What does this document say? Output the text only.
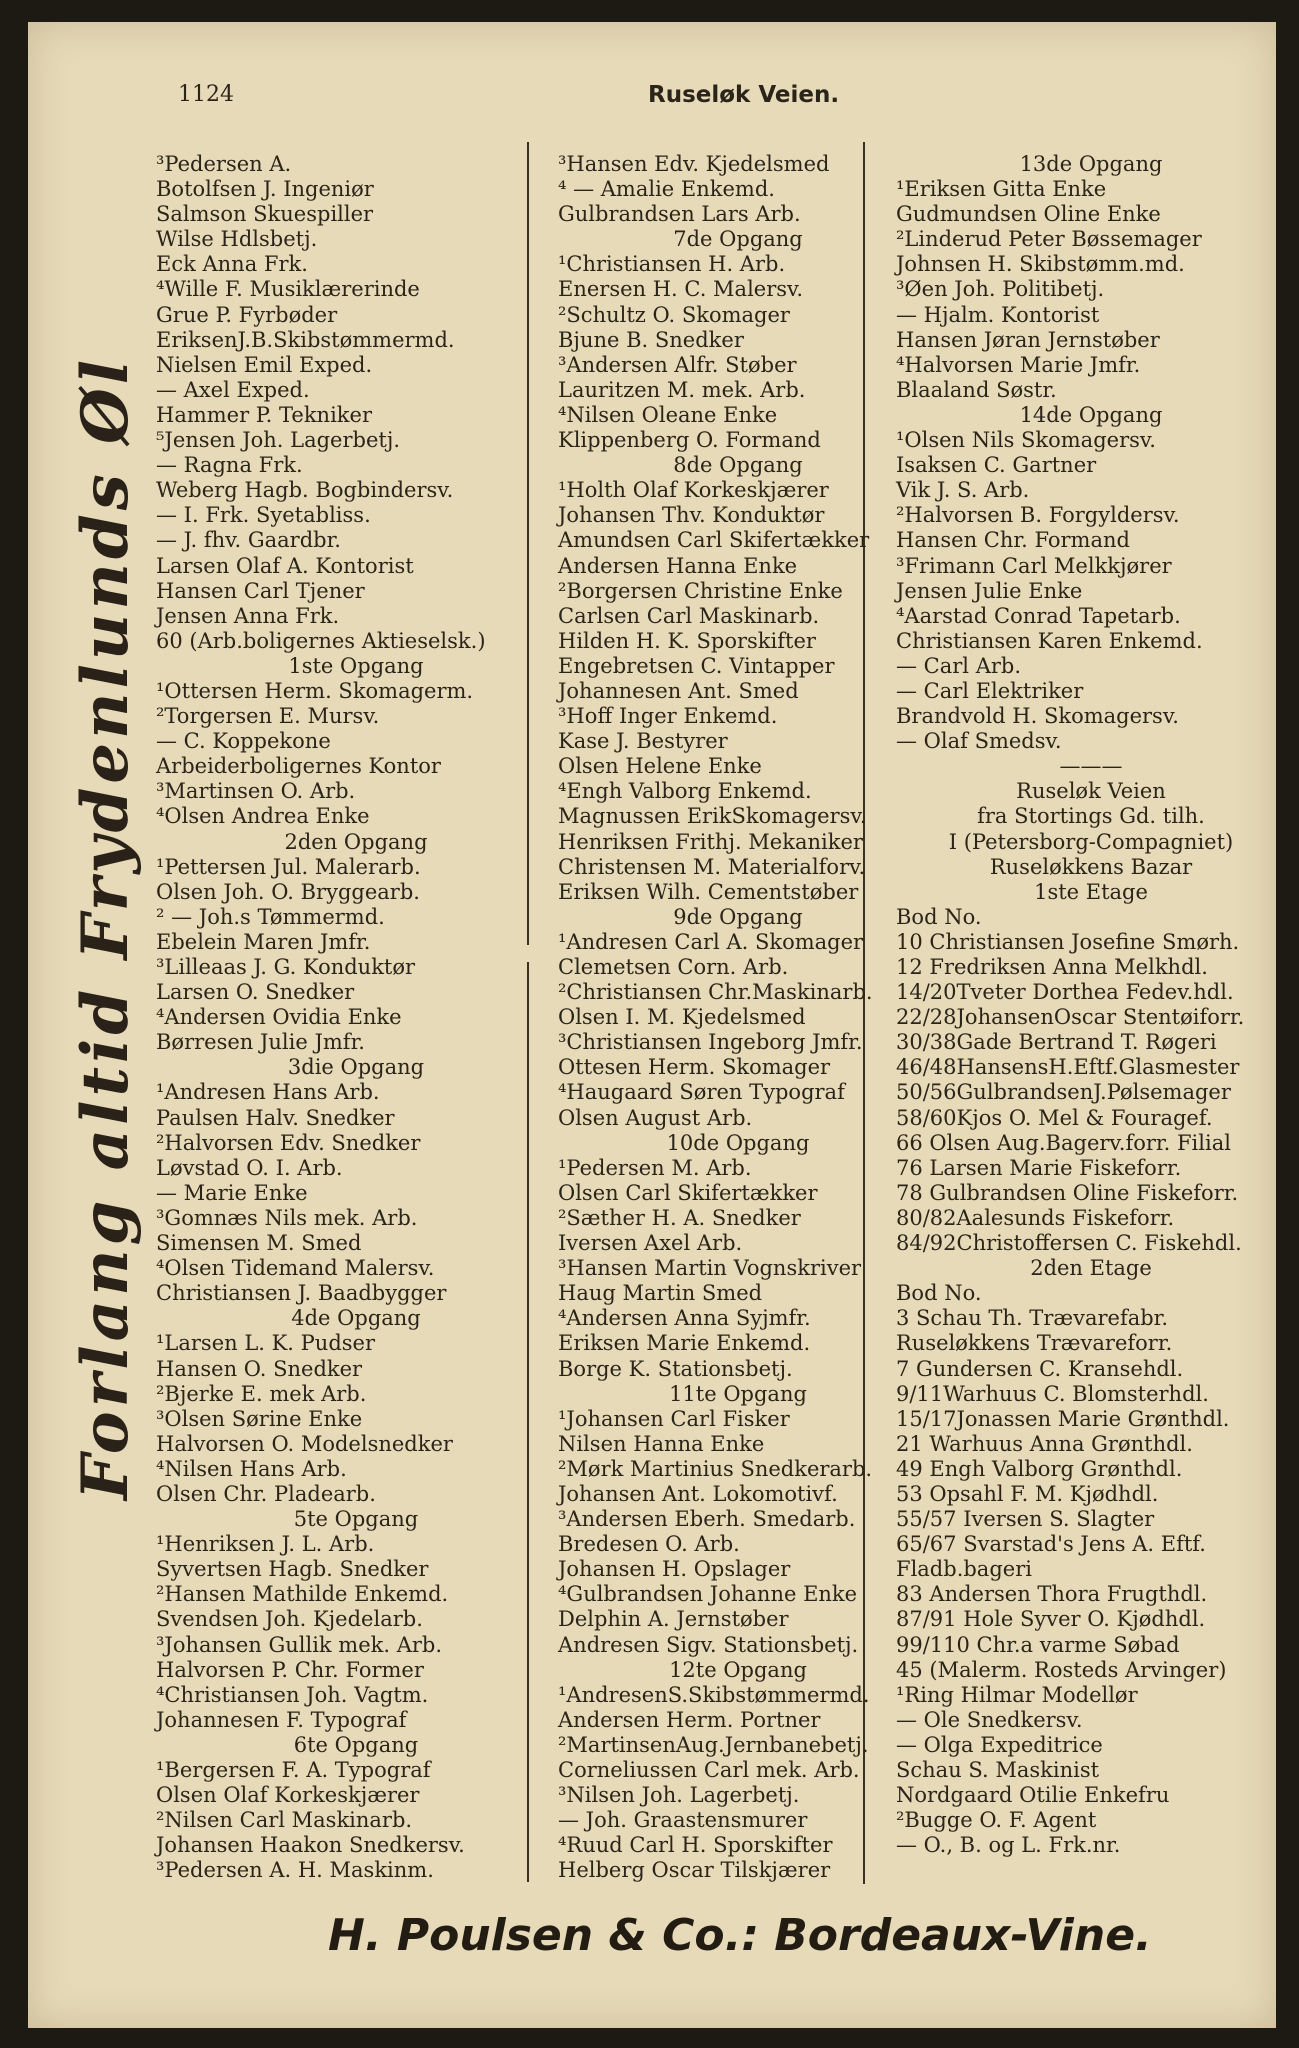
1124	Ruseløk Veien.
Forlang altid Frydenlunds Øl
³Pedersen A.
Botolfsen J. Ingeniør
Salmson Skuespiller
Wilse Hdlsbetj.
Eck Anna Frk.
⁴Wille F. Musiklærerinde
Grue P. Fyrbøder
EriksenJ.B.Skibstømmermd.
Nielsen Emil Exped.
— Axel Exped.
Hammer P. Tekniker
⁵Jensen Joh. Lagerbetj.
— Ragna Frk.
Weberg Hagb. Bogbindersv.
— I. Frk. Syetabliss.
— J. fhv. Gaardbr.
Larsen Olaf A. Kontorist
Hansen Carl Tjener
Jensen Anna Frk.
60 (Arb.boligernes Aktieselsk.)
1ste Opgang
¹Ottersen Herm. Skomagerm.
²Torgersen E. Mursv.
— C. Koppekone
Arbeiderboligernes Kontor
³Martinsen O. Arb.
⁴Olsen Andrea Enke
2den Opgang
¹Pettersen Jul. Malerarb.
Olsen Joh. O. Bryggearb.
² — Joh.s Tømmermd.
Ebelein Maren Jmfr.
³Lilleaas J. G. Konduktør
Larsen O. Snedker
⁴Andersen Ovidia Enke
Børresen Julie Jmfr.
3die Opgang
¹Andresen Hans Arb.
Paulsen Halv. Snedker
²Halvorsen Edv. Snedker
Løvstad O. I. Arb.
— Marie Enke
³Gomnæs Nils mek. Arb.
Simensen M. Smed
⁴Olsen Tidemand Malersv.
Christiansen J. Baadbygger
4de Opgang
¹Larsen L. K. Pudser
Hansen O. Snedker
²Bjerke E. mek Arb.
³Olsen Sørine Enke
Halvorsen O. Modelsnedker
⁴Nilsen Hans Arb.
Olsen Chr. Pladearb.
5te Opgang
¹Henriksen J. L. Arb.
Syvertsen Hagb. Snedker
²Hansen Mathilde Enkemd.
Svendsen Joh. Kjedelarb.
³Johansen Gullik mek. Arb.
Halvorsen P. Chr. Former
⁴Christiansen Joh. Vagtm.
Johannesen F. Typograf
6te Opgang
¹Bergersen F. A. Typograf
Olsen Olaf Korkeskjærer
²Nilsen Carl Maskinarb.
Johansen Haakon Snedkersv.
³Pedersen A. H. Maskinm.
³Hansen Edv. Kjedelsmed
⁴ — Amalie Enkemd.
Gulbrandsen Lars Arb.
7de Opgang
¹Christiansen H. Arb.
Enersen H. C. Malersv.
²Schultz O. Skomager
Bjune B. Snedker
³Andersen Alfr. Støber
Lauritzen M. mek. Arb.
⁴Nilsen Oleane Enke
Klippenberg O. Formand
8de Opgang
¹Holth Olaf Korkeskjærer
Johansen Thv. Konduktør
Amundsen Carl Skifertækker
Andersen Hanna Enke
²Borgersen Christine Enke
Carlsen Carl Maskinarb.
Hilden H. K. Sporskifter
Engebretsen C. Vintapper
Johannesen Ant. Smed
³Hoff Inger Enkemd.
Kase J. Bestyrer
Olsen Helene Enke
⁴Engh Valborg Enkemd.
Magnussen ErikSkomagersv.
Henriksen Frithj. Mekaniker
Christensen M. Materialforv.
Eriksen Wilh. Cementstøber
9de Opgang
¹Andresen Carl A. Skomager
Clemetsen Corn. Arb.
²Christiansen Chr.Maskinarb.
Olsen I. M. Kjedelsmed
³Christiansen Ingeborg Jmfr.
Ottesen Herm. Skomager
⁴Haugaard Søren Typograf
Olsen August Arb.
10de Opgang
¹Pedersen M. Arb.
Olsen Carl Skifertækker
²Sæther H. A. Snedker
Iversen Axel Arb.
³Hansen Martin Vognskriver
Haug Martin Smed
⁴Andersen Anna Syjmfr.
Eriksen Marie Enkemd.
Borge K. Stationsbetj.
11te Opgang
¹Johansen Carl Fisker
Nilsen Hanna Enke
²Mørk Martinius Snedkerarb.
Johansen Ant. Lokomotivf.
³Andersen Eberh. Smedarb.
Bredesen O. Arb.
Johansen H. Opslager
⁴Gulbrandsen Johanne Enke
Delphin A. Jernstøber
Andresen Sigv. Stationsbetj.
12te Opgang
¹AndresenS.Skibstømmermd.
Andersen Herm. Portner
²MartinsenAug.Jernbanebetj.
Corneliussen Carl mek. Arb.
³Nilsen Joh. Lagerbetj.
— Joh. Graastensmurer
⁴Ruud Carl H. Sporskifter
Helberg Oscar Tilskjærer
13de Opgang
¹Eriksen Gitta Enke
Gudmundsen Oline Enke
²Linderud Peter Bøssemager
Johnsen H. Skibstømm.md.
³Øen Joh. Politibetj.
— Hjalm. Kontorist
Hansen Jøran Jernstøber
⁴Halvorsen Marie Jmfr.
Blaaland Søstr.
14de Opgang
¹Olsen Nils Skomagersv.
Isaksen C. Gartner
Vik J. S. Arb.
²Halvorsen B. Forgyldersv.
Hansen Chr. Formand
³Frimann Carl Melkkjører
Jensen Julie Enke
⁴Aarstad Conrad Tapetarb.
Christiansen Karen Enkemd.
— Carl Arb.
— Carl Elektriker
Brandvold H. Skomagersv.
— Olaf Smedsv.
———
Ruseløk Veien
fra Stortings Gd. tilh.
I (Petersborg-Compagniet)
Ruseløkkens Bazar
1ste Etage
Bod No.
10 Christiansen Josefine Smørh.
12 Fredriksen Anna Melkhdl.
14/20Tveter Dorthea Fedev.hdl.
22/28JohansenOscar Stentøiforr.
30/38Gade Bertrand T. Røgeri
46/48HansensH.Eftf.Glasmester
50/56GulbrandsenJ.Pølsemager
58/60Kjos O. Mel & Fouragef.
66 Olsen Aug.Bagerv.forr. Filial
76 Larsen Marie Fiskeforr.
78 Gulbrandsen Oline Fiskeforr.
80/82Aalesunds Fiskeforr.
84/92Christoffersen C. Fiskehdl.
2den Etage
Bod No.
3 Schau Th. Trævarefabr.
Ruseløkkens Trævareforr.
7 Gundersen C. Kransehdl.
9/11Warhuus C. Blomsterhdl.
15/17Jonassen Marie Grønthdl.
21 Warhuus Anna Grønthdl.
49 Engh Valborg Grønthdl.
53 Opsahl F. M. Kjødhdl.
55/57 Iversen S. Slagter
65/67 Svarstad's Jens A. Eftf.
Fladb.bageri
83 Andersen Thora Frugthdl.
87/91 Hole Syver O. Kjødhdl.
99/110 Chr.a varme Søbad
45 (Malerm. Rosteds Arvinger)
¹Ring Hilmar Modellør
— Ole Snedkersv.
— Olga Expeditrice
Schau S. Maskinist
Nordgaard Otilie Enkefru
²Bugge O. F. Agent
— O., B. og L. Frk.nr.
H. Poulsen & Co.: Bordeaux-Vine.
